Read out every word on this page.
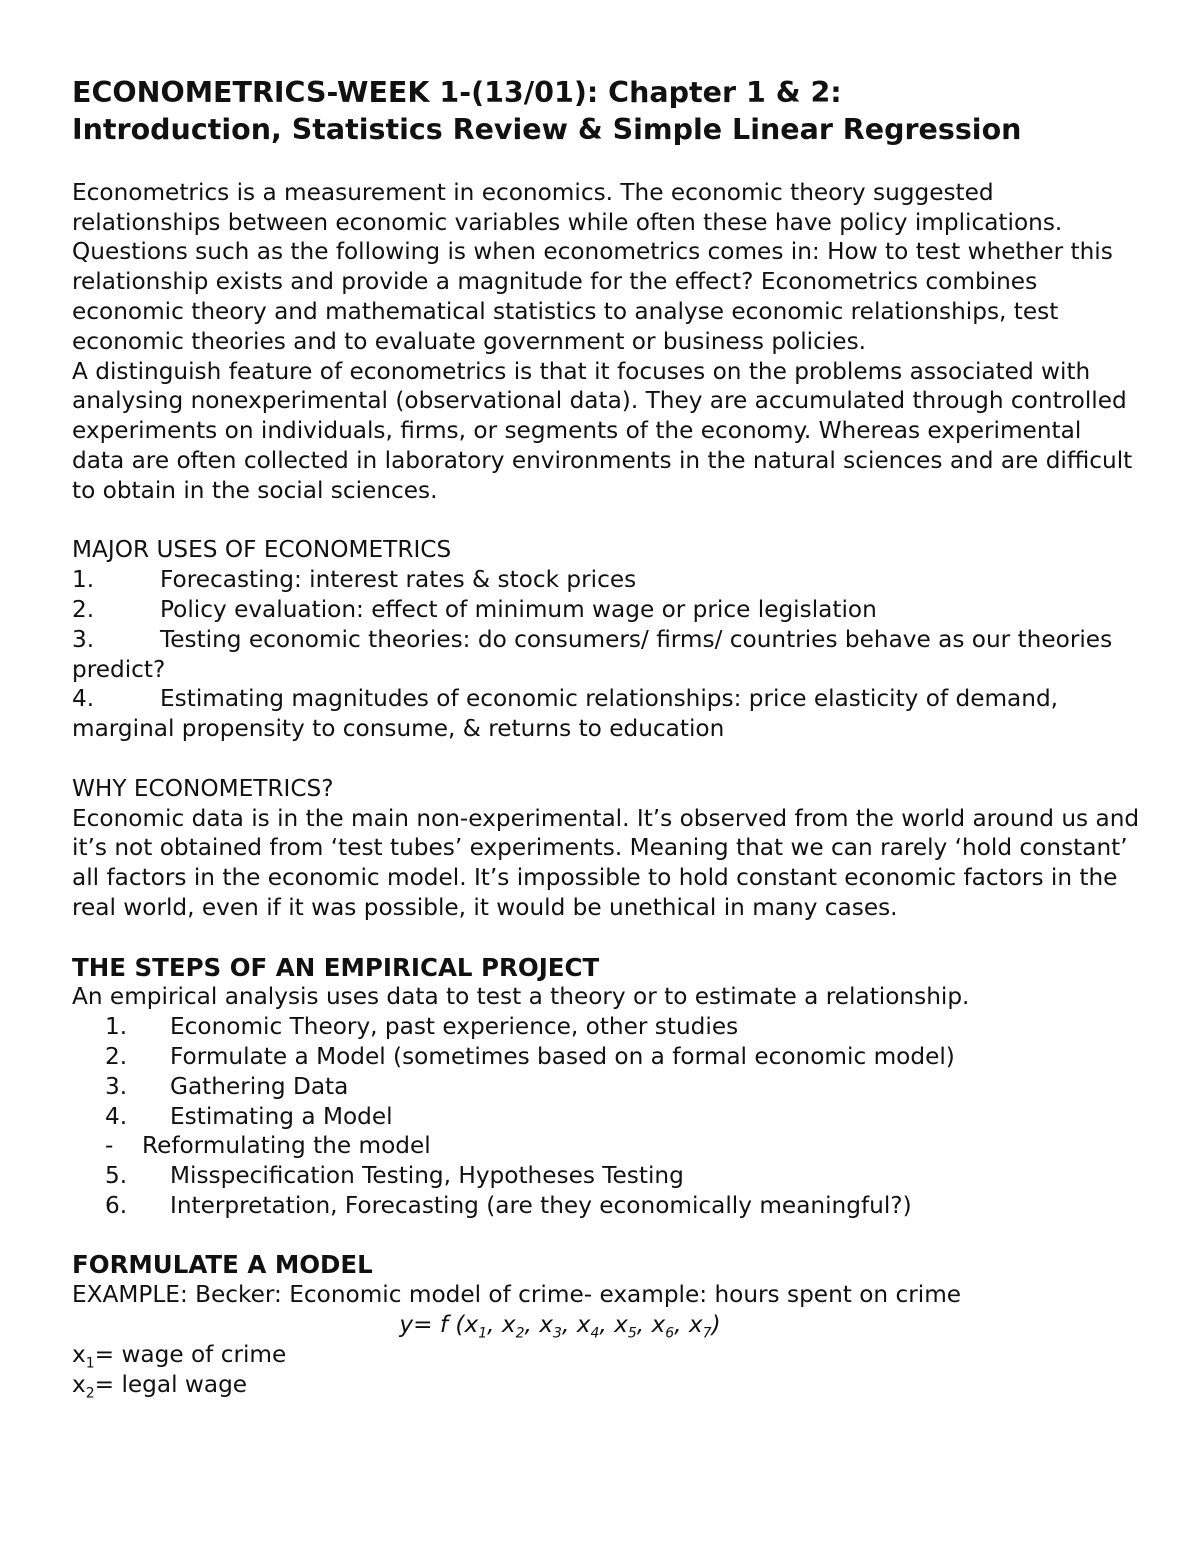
ECONOMETRICS-WEEK 1-(13/01): Chapter 1 & 2:
Introduction, Statistics Review & Simple Linear Regression

Econometrics is a measurement in economics. The economic theory suggested relationships between economic variables while often these have policy implications. Questions such as the following is when econometrics comes in: How to test whether this relationship exists and provide a magnitude for the effect? Econometrics combines economic theory and mathematical statistics to analyse economic relationships, test economic theories and to evaluate government or business policies.

A distinguish feature of econometrics is that it focuses on the problems associated with analysing nonexperimental (observational data). They are accumulated through controlled experiments on individuals, firms, or segments of the economy. Whereas experimental data are often collected in laboratory environments in the natural sciences and are difficult to obtain in the social sciences.

MAJOR USES OF ECONOMETRICS

1.	Forecasting: interest rates & stock prices
2.	Policy evaluation: effect of minimum wage or price legislation
3.	Testing economic theories: do consumers/ firms/ countries behave as our theories predict?
4.	Estimating magnitudes of economic relationships: price elasticity of demand, marginal propensity to consume, & returns to education

WHY ECONOMETRICS?

Economic data is in the main non-experimental. It’s observed from the world around us and it’s not obtained from ‘test tubes’ experiments. Meaning that we can rarely ‘hold constant’ all factors in the economic model. It’s impossible to hold constant economic factors in the real world, even if it was possible, it would be unethical in many cases.

THE STEPS OF AN EMPIRICAL PROJECT

An empirical analysis uses data to test a theory or to estimate a relationship.

1. Economic Theory, past experience, other studies
2. Formulate a Model (sometimes based on a formal economic model)
3. Gathering Data
4. Estimating a Model
- Reformulating the model
5. Misspecification Testing, Hypotheses Testing
6. Interpretation, Forecasting (are they economically meaningful?)

FORMULATE A MODEL

EXAMPLE: Becker: Economic model of crime- example: hours spent on crime

y= f ($x_1$, $x_2$, $x_3$, $x_4$, $x_5$, $x_6$, $x_7$)

$x_1=$ wage of crime

$x_2=$ legal wage
